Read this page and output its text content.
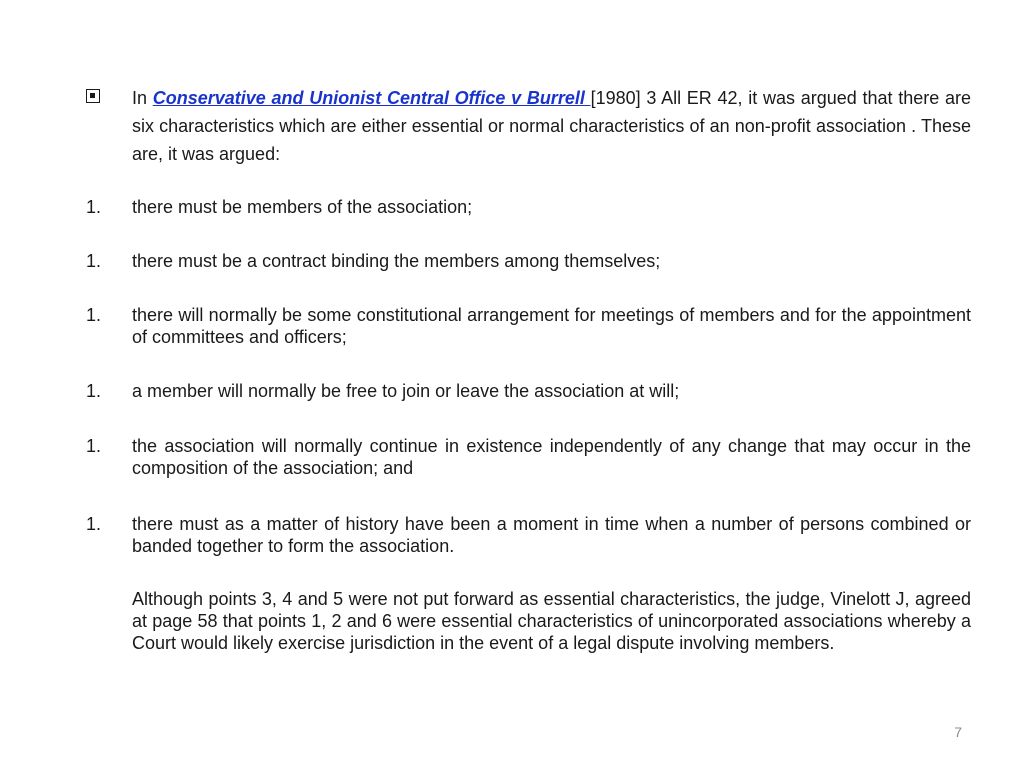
In Conservative and Unionist Central Office v Burrell [1980] 3 All ER 42, it was argued that there are six characteristics which are either essential or normal characteristics of an non-profit association . These are, it was argued:
1. there must be members of the association;
1. there must be a contract binding the members among themselves;
1. there will normally be some constitutional arrangement for meetings of members and for the appointment of committees and officers;
1. a member will normally be free to join or leave the association at will;
1. the association will normally continue in existence independently of any change that may occur in the composition of the association; and
1. there must as a matter of history have been a moment in time when a number of persons combined or banded together to form the association.
Although points 3, 4 and 5 were not put forward as essential characteristics, the judge, Vinelott J, agreed at page 58 that points 1, 2 and 6 were essential characteristics of unincorporated associations whereby a Court would likely exercise jurisdiction in the event of a legal dispute involving members.
7
